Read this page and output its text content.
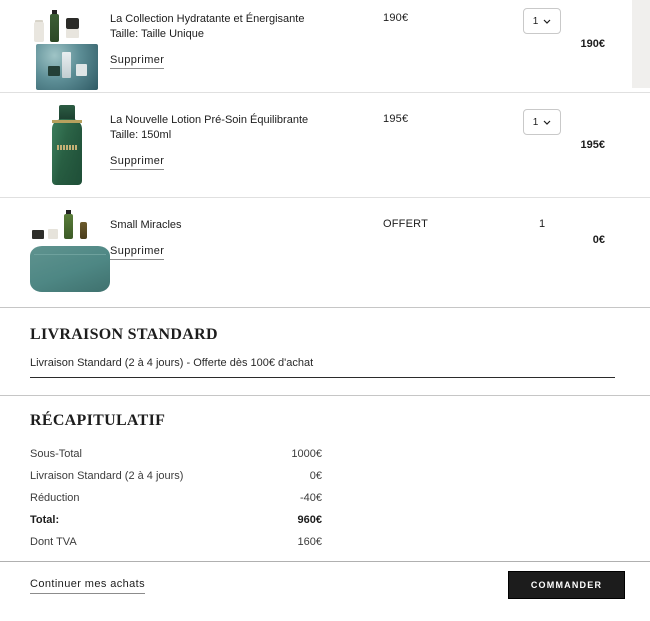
La Collection Hydratante et Énergisante
Taille: Taille Unique
Supprimer
190€	1
190€
La Nouvelle Lotion Pré-Soin Équilibrante
Taille: 150ml
Supprimer
195€	1
195€
Small Miracles
Supprimer
OFFERT	1
0€
LIVRAISON STANDARD
Livraison Standard (2 à 4 jours) - Offerte dès 100€ d'achat
RÉCAPITULATIF
Sous-Total	1000€
Livraison Standard (2 à 4 jours)	0€
Réduction	-40€
Total:	960€
Dont TVA	160€
Continuer mes achats	COMMANDER
